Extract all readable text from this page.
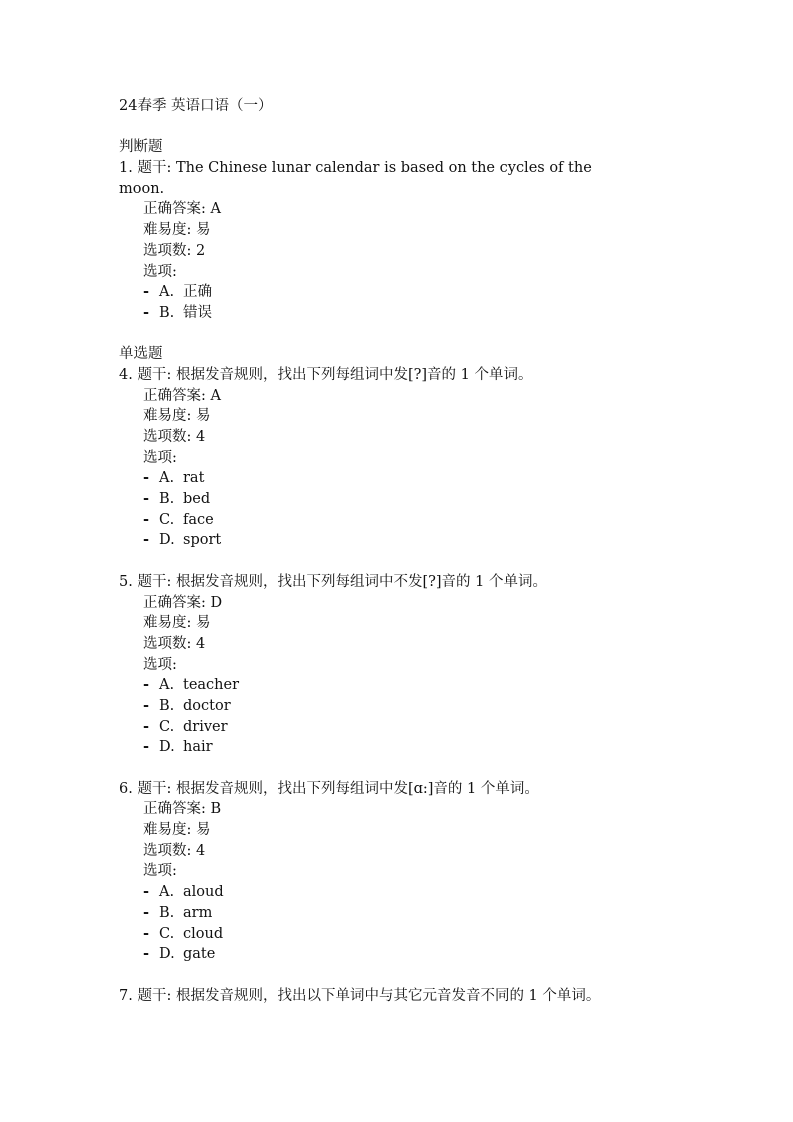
24春季 英语口语（一）
判断题
1. 题干: The Chinese lunar calendar is based on the cycles of the
moon.
正确答案: A
难易度: 易
选项数: 2
选项:
- A. 正确
- B. 错误
单选题
4. 题干: 根据发音规则，找出下列每组词中发[?]音的 1 个单词。
正确答案: A
难易度: 易
选项数: 4
选项:
- A. rat
- B. bed
- C. face
- D. sport
5. 题干: 根据发音规则，找出下列每组词中不发[?]音的 1 个单词。
正确答案: D
难易度: 易
选项数: 4
选项:
- A. teacher
- B. doctor
- C. driver
- D. hair
6. 题干: 根据发音规则，找出下列每组词中发[ɑ:]音的 1 个单词。
正确答案: B
难易度: 易
选项数: 4
选项:
- A. aloud
- B. arm
- C. cloud
- D. gate
7. 题干: 根据发音规则，找出以下单词中与其它元音发音不同的 1 个单词。
